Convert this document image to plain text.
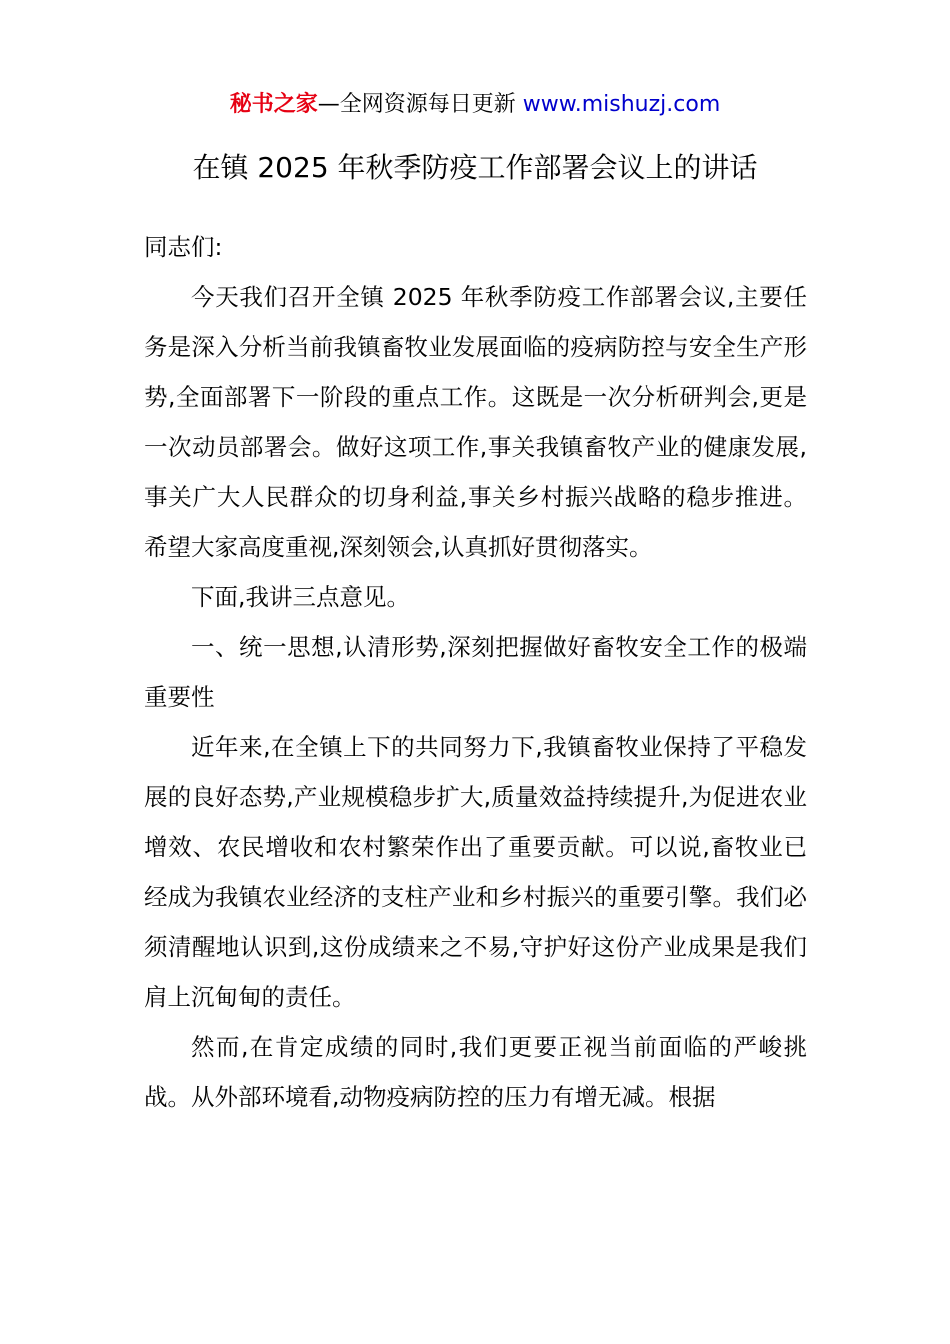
秘书之家—全网资源每日更新 www.mishuzj.com
在镇 2025 年秋季防疫工作部署会议上的讲话

同志们:

今天我们召开全镇 2025 年秋季防疫工作部署会议,主要任务是深入分析当前我镇畜牧业发展面临的疫病防控与安全生产形势,全面部署下一阶段的重点工作。这既是一次分析研判会,更是一次动员部署会。做好这项工作,事关我镇畜牧产业的健康发展,事关广大人民群众的切身利益,事关乡村振兴战略的稳步推进。希望大家高度重视,深刻领会,认真抓好贯彻落实。

下面,我讲三点意见。

一、统一思想,认清形势,深刻把握做好畜牧安全工作的极端重要性

近年来,在全镇上下的共同努力下,我镇畜牧业保持了平稳发展的良好态势,产业规模稳步扩大,质量效益持续提升,为促进农业增效、农民增收和农村繁荣作出了重要贡献。可以说,畜牧业已经成为我镇农业经济的支柱产业和乡村振兴的重要引擎。我们必须清醒地认识到,这份成绩来之不易,守护好这份产业成果是我们肩上沉甸甸的责任。

然而,在肯定成绩的同时,我们更要正视当前面临的严峻挑战。从外部环境看,动物疫病防控的压力有增无减。根据
